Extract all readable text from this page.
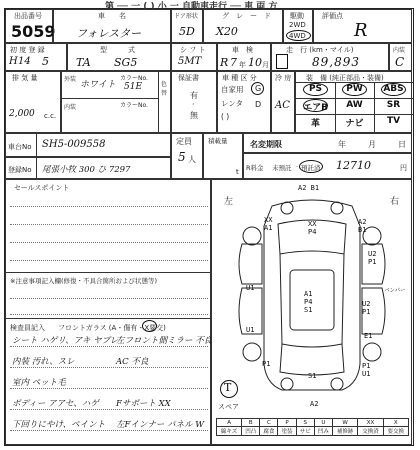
第 ── 一 ( ) 小 一 自動車走行 ── 車 両 方
出品番号
5059
車　　名
フォレスター
ドア形状
5D
グ　レ　ー　ド
X20
駆動
2WD
4WD
評価点
R
初 度 登 録
H 14 5
型　　　式
TA SG5
シ フ ト
5MT
車　検
R 7 年 10 月
走　行 (km・マイル)
89,893
内装
C
排 気 量
2,000 c.c.
外装	カラーNo.
ホワイト 51E
内装	カラーNo.
色替
保証書
有
·
無
車 種 区 分
自家用
レンタ
( )
G
D
冷 房
AC
装　備 (純正部品・装備)
PS	PW	ABS
エアB	AW	SR
革	ナビ	TV
車台No SH5-009558	定員
5 人
積載量
t
名変期限	年	月	日
登録No 尾張小牧 300 ひ 7297	R料金 未預託 · 預託済 12710	円
セールスポイント
※注意事項記入欄(修復・不具合箇所および状態等)
検査員記入 フロントガラス (A・傷有・X要交)
シート ハゲリ、アキ ヤブレ
左フロント側ミラー 不良
内装 汚れ、スレ	AC 不良
室内 ペット毛
ボディー アアセ、ハゲ Fサポート XX
下回りにやけ、ペイント 左Fインナー パネル W
左	右
A2 B1
XX A1	XX P4
A2 B1
U2 P1
U1
U1
A1 P4 S1
U2 P1
E1
P1
S1
P1 U1
A2
バンパー
T
スペア
A	B	C	P	S	U	W	XX	X
線キズ	凹凸	腐食	塗装	サビ	凹み	補修跡	交換済	要交換
